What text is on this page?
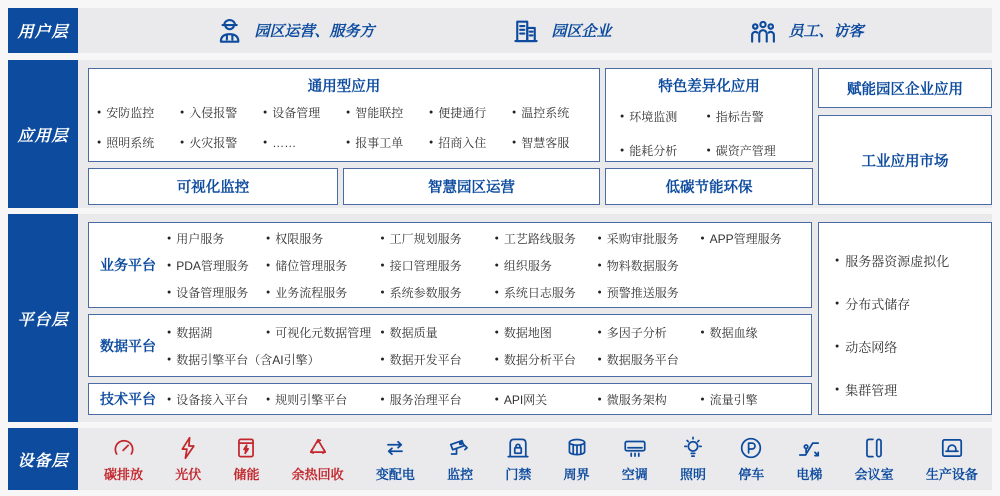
用户层	园区运营、服务方	园区企业	员工、访客
应用层
通用型应用
● 安防监控	● 入侵报警	● 设备管理	● 智能联控	● 便捷通行	● 温控系统
● 照明系统	● 火灾报警	● ……	● 报事工单	● 招商入住	● 智慧客服
特色差异化应用
● 环境监测	● 指标告警
● 能耗分析	● 碳资产管理
赋能园区企业应用
工业应用市场
可视化监控	智慧园区运营	低碳节能环保
平台层
业务平台
● 用户服务	● 权限服务	● 工厂规划服务	● 工艺路线服务	● 采购审批服务	● APP管理服务
● PDA管理服务	● 储位管理服务	● 接口管理服务	● 组织服务	● 物料数据服务
● 设备管理服务	● 业务流程服务	● 系统参数服务	● 系统日志服务	● 预警推送服务
数据平台
● 数据湖	● 可视化元数据管理	● 数据质量	● 数据地图	● 多因子分析	● 数据血缘
● 数据引擎平台（含AI引擎）	● 数据开发平台	● 数据分析平台	● 数据服务平台
技术平台	● 设备接入平台	● 规则引擎平台	● 服务治理平台	● API网关	● 微服务架构	● 流量引擎
● 服务器资源虚拟化
● 分布式储存
● 动态网络
● 集群管理
设备层
碳排放 光伏 储能 余热回收 变配电 监控 门禁 周界 空调 照明 停车 电梯 会议室 生产设备
